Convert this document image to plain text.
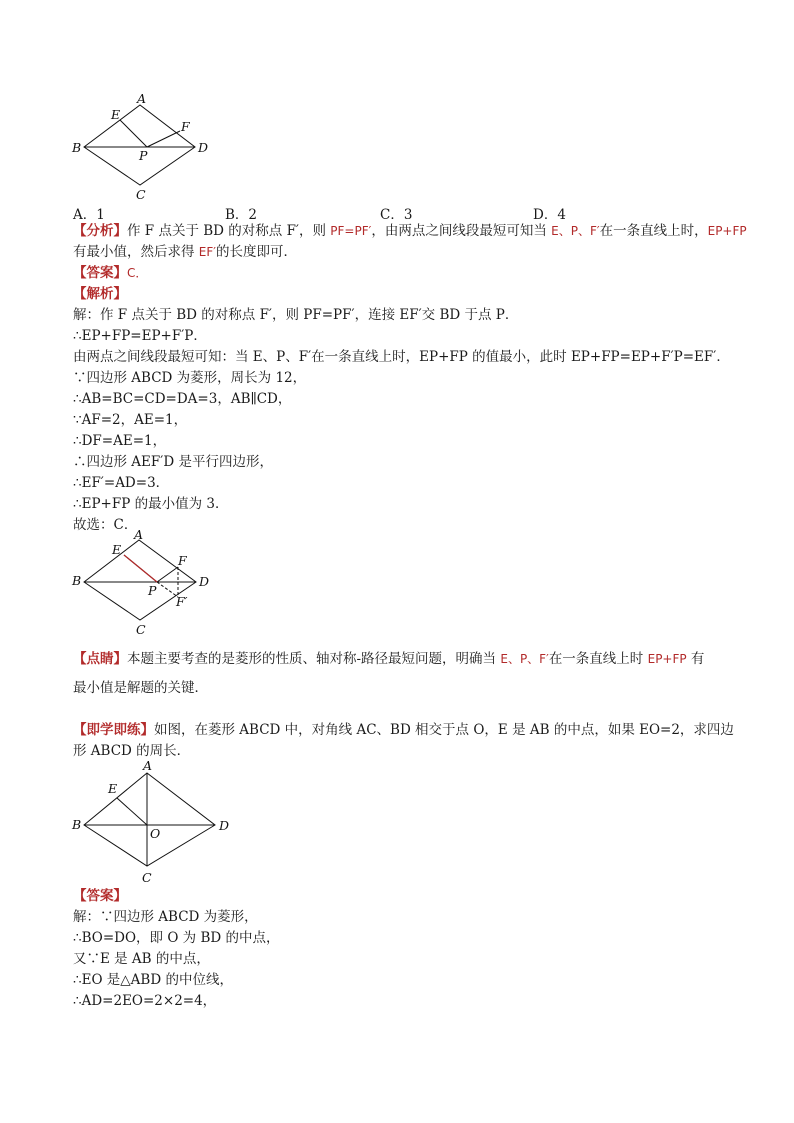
A
E
F
B	D
P
C
A．1	B．2	C．3	D．4
【分析】作 F 点关于 BD 的对称点 F′，则 PF=PF′，由两点之间线段最短可知当 E、P、F′在一条直线上时，EP+FP
有最小值，然后求得 EF′的长度即可．
【答案】C．
【解析】
解：作 F 点关于 BD 的对称点 F′，则 PF=PF′，连接 EF′交 BD 于点 P．
∴EP+FP=EP+F′P．
由两点之间线段最短可知：当 E、P、F′在一条直线上时，EP+FP 的值最小，此时 EP+FP=EP+F′P=EF′．
∵四边形 ABCD 为菱形，周长为 12，
∴AB=BC=CD=DA=3，AB∥CD，
∵AF=2，AE=1，
∴DF=AE=1，
∴四边形 AEF′D 是平行四边形，
∴EF′=AD=3．
∴EP+FP 的最小值为 3．
故选：C．
A
E
F
B	D
P
F′
C
【点睛】本题主要考查的是菱形的性质、轴对称-路径最短问题，明确当 E、P、F′在一条直线上时 EP+FP 有
最小值是解题的关键．
【即学即练】如图，在菱形 ABCD 中，对角线 AC、BD 相交于点 O，E 是 AB 的中点，如果 EO=2，求四边
形 ABCD 的周长．
A
E
B
O
D
C
【答案】
解：∵四边形 ABCD 为菱形，
∴BO=DO，即 O 为 BD 的中点，
又∵E 是 AB 的中点，
∴EO 是△ABD 的中位线，
∴AD=2EO=2×2=4，
